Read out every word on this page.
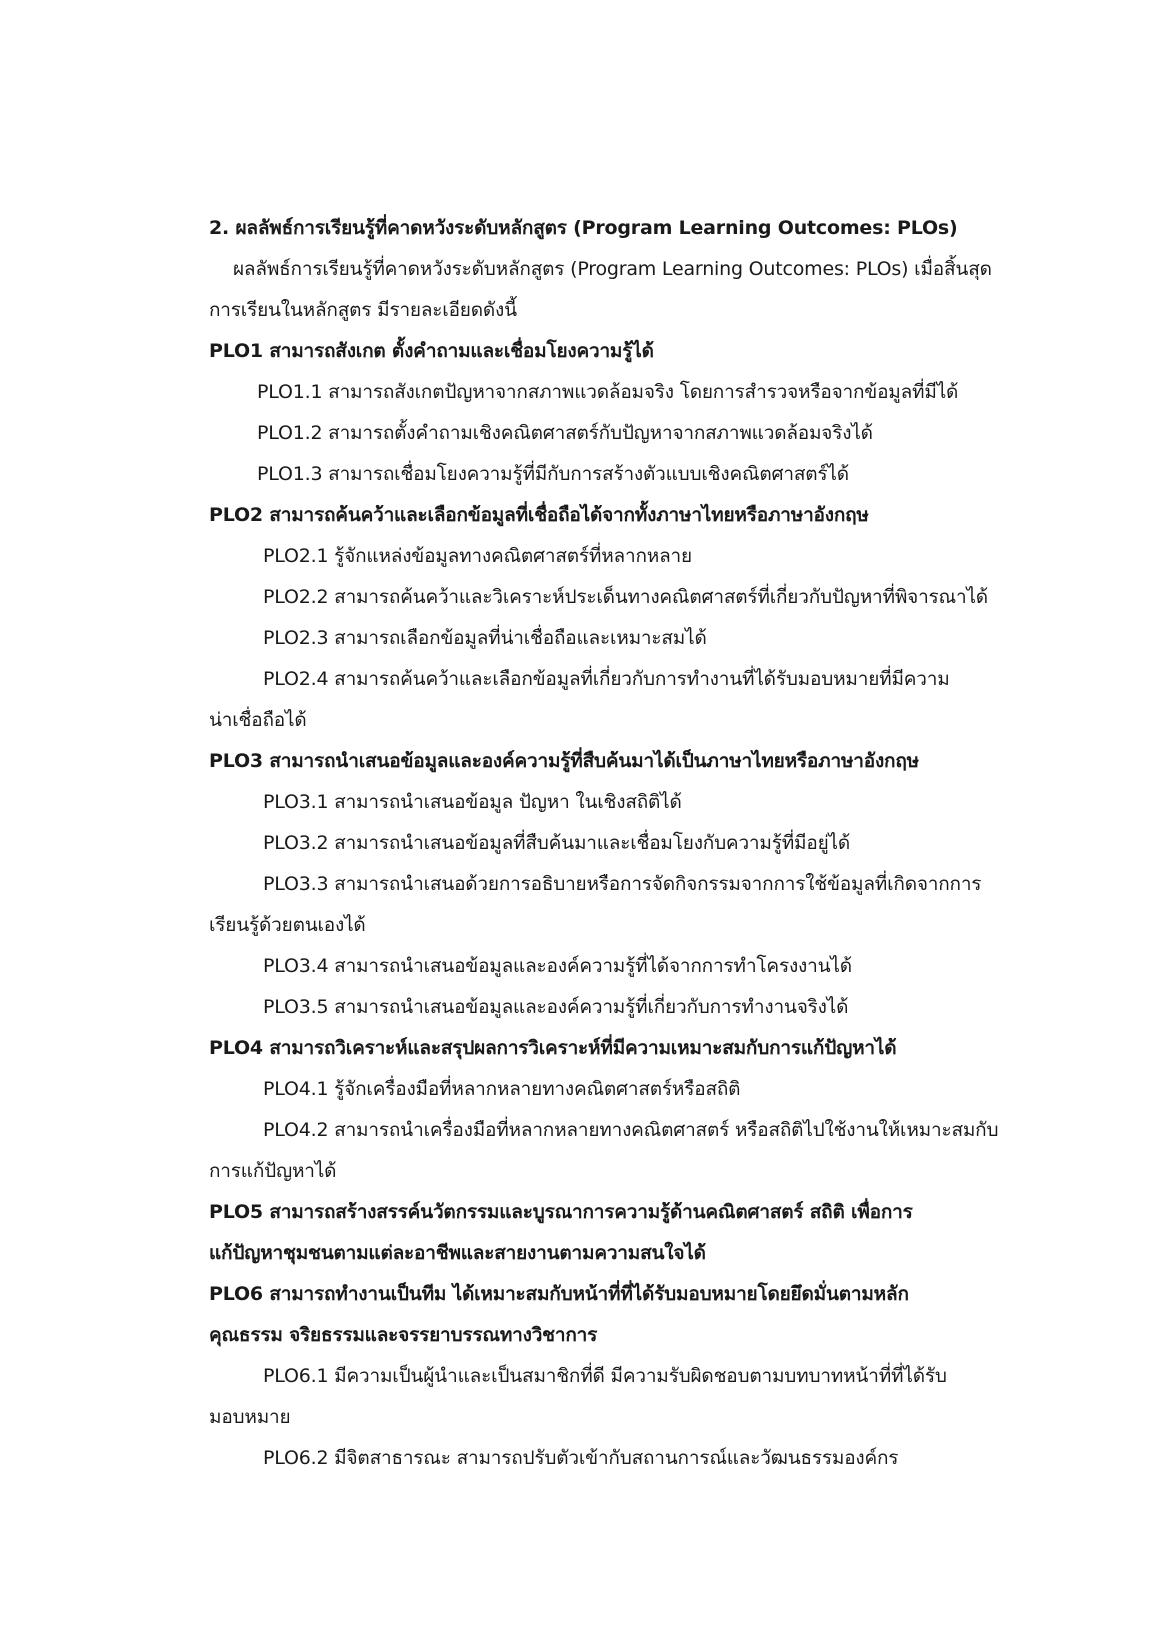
2. ผลลัพธ์การเรียนรู้ที่คาดหวังระดับหลักสูตร (Program Learning Outcomes: PLOs)
ผลลัพธ์การเรียนรู้ที่คาดหวังระดับหลักสูตร (Program Learning Outcomes: PLOs) เมื่อสิ้นสุด
การเรียนในหลักสูตร มีรายละเอียดดังนี้
PLO1 สามารถสังเกต ตั้งคำถามและเชื่อมโยงความรู้ได้
PLO1.1 สามารถสังเกตปัญหาจากสภาพแวดล้อมจริง โดยการสำรวจหรือจากข้อมูลที่มีได้
PLO1.2 สามารถตั้งคำถามเชิงคณิตศาสตร์กับปัญหาจากสภาพแวดล้อมจริงได้
PLO1.3 สามารถเชื่อมโยงความรู้ที่มีกับการสร้างตัวแบบเชิงคณิตศาสตร์ได้
PLO2 สามารถค้นคว้าและเลือกข้อมูลที่เชื่อถือได้จากทั้งภาษาไทยหรือภาษาอังกฤษ
PLO2.1 รู้จักแหล่งข้อมูลทางคณิตศาสตร์ที่หลากหลาย
PLO2.2 สามารถค้นคว้าและวิเคราะห์ประเด็นทางคณิตศาสตร์ที่เกี่ยวกับปัญหาที่พิจารณาได้
PLO2.3 สามารถเลือกข้อมูลที่น่าเชื่อถือและเหมาะสมได้
PLO2.4 สามารถค้นคว้าและเลือกข้อมูลที่เกี่ยวกับการทำงานที่ได้รับมอบหมายที่มีความ
น่าเชื่อถือได้
PLO3 สามารถนำเสนอข้อมูลและองค์ความรู้ที่สืบค้นมาได้เป็นภาษาไทยหรือภาษาอังกฤษ
PLO3.1 สามารถนำเสนอข้อมูล ปัญหา ในเชิงสถิติได้
PLO3.2 สามารถนำเสนอข้อมูลที่สืบค้นมาและเชื่อมโยงกับความรู้ที่มีอยู่ได้
PLO3.3 สามารถนำเสนอด้วยการอธิบายหรือการจัดกิจกรรมจากการใช้ข้อมูลที่เกิดจากการ
เรียนรู้ด้วยตนเองได้
PLO3.4 สามารถนำเสนอข้อมูลและองค์ความรู้ที่ได้จากการทำโครงงานได้
PLO3.5 สามารถนำเสนอข้อมูลและองค์ความรู้ที่เกี่ยวกับการทำงานจริงได้
PLO4 สามารถวิเคราะห์และสรุปผลการวิเคราะห์ที่มีความเหมาะสมกับการแก้ปัญหาได้
PLO4.1 รู้จักเครื่องมือที่หลากหลายทางคณิตศาสตร์หรือสถิติ
PLO4.2 สามารถนำเครื่องมือที่หลากหลายทางคณิตศาสตร์ หรือสถิติไปใช้งานให้เหมาะสมกับ
การแก้ปัญหาได้
PLO5 สามารถสร้างสรรค์นวัตกรรมและบูรณาการความรู้ด้านคณิตศาสตร์ สถิติ เพื่อการ
แก้ปัญหาชุมชนตามแต่ละอาชีพและสายงานตามความสนใจได้
PLO6 สามารถทำงานเป็นทีม ได้เหมาะสมกับหน้าที่ที่ได้รับมอบหมายโดยยึดมั่นตามหลัก
คุณธรรม จริยธรรมและจรรยาบรรณทางวิชาการ
PLO6.1 มีความเป็นผู้นำและเป็นสมาชิกที่ดี มีความรับผิดชอบตามบทบาทหน้าที่ที่ได้รับ
มอบหมาย
PLO6.2 มีจิตสาธารณะ สามารถปรับตัวเข้ากับสถานการณ์และวัฒนธรรมองค์กร
